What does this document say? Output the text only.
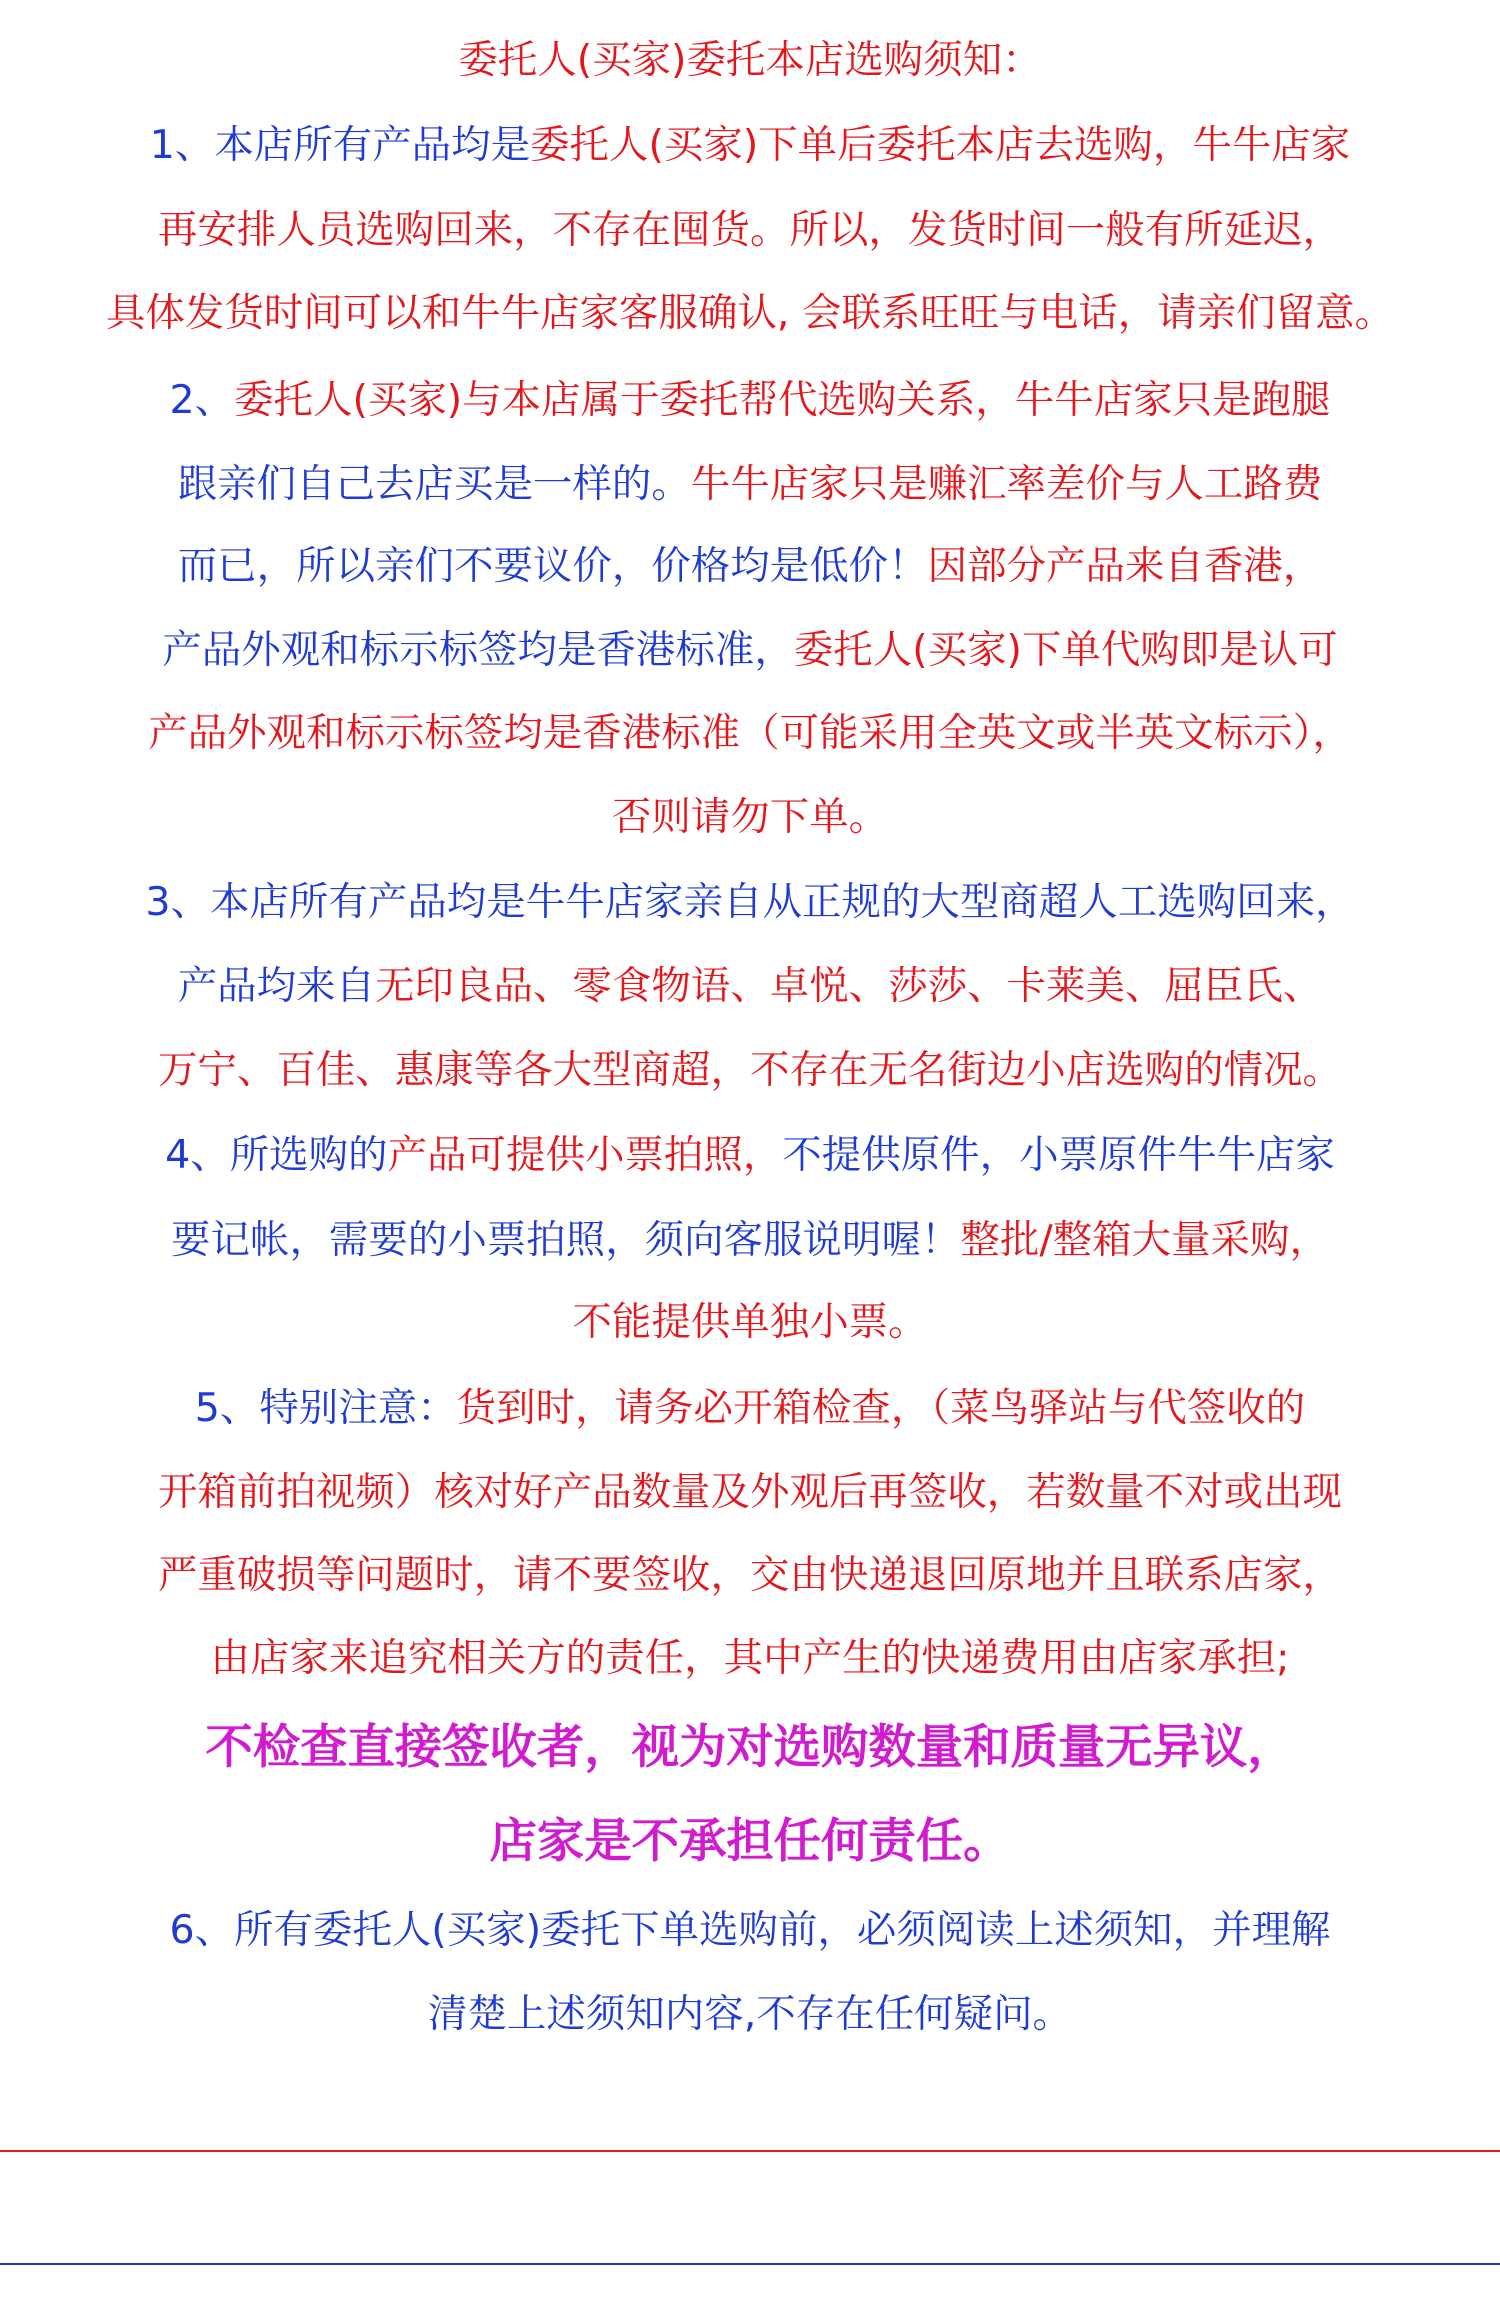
委托人(买家)委托本店选购须知：
1、本店所有产品均是委托人(买家)下单后委托本店去选购，牛牛店家
再安排人员选购回来，不存在囤货。所以，发货时间一般有所延迟，
具体发货时间可以和牛牛店家客服确认, 会联系旺旺与电话，请亲们留意。
2、委托人(买家)与本店属于委托帮代选购关系，牛牛店家只是跑腿
跟亲们自己去店买是一样的。牛牛店家只是赚汇率差价与人工路费
而已，所以亲们不要议价，价格均是低价！因部分产品来自香港，
产品外观和标示标签均是香港标准，委托人(买家)下单代购即是认可
产品外观和标示标签均是香港标准（可能采用全英文或半英文标示），
否则请勿下单。
3、本店所有产品均是牛牛店家亲自从正规的大型商超人工选购回来，
产品均来自无印良品、零食物语、卓悦、莎莎、卡莱美、屈臣氏、
万宁、百佳、惠康等各大型商超，不存在无名街边小店选购的情况。
4、所选购的产品可提供小票拍照，不提供原件，小票原件牛牛店家
要记帐，需要的小票拍照，须向客服说明喔！整批/整箱大量采购，
不能提供单独小票。
5、特别注意：货到时，请务必开箱检查，（菜鸟驿站与代签收的
开箱前拍视频）核对好产品数量及外观后再签收，若数量不对或出现
严重破损等问题时，请不要签收，交由快递退回原地并且联系店家，
由店家来追究相关方的责任，其中产生的快递费用由店家承担;
不检查直接签收者，视为对选购数量和质量无异议，
店家是不承担任何责任。
6、所有委托人(买家)委托下单选购前，必须阅读上述须知，并理解
清楚上述须知内容,不存在任何疑问。
